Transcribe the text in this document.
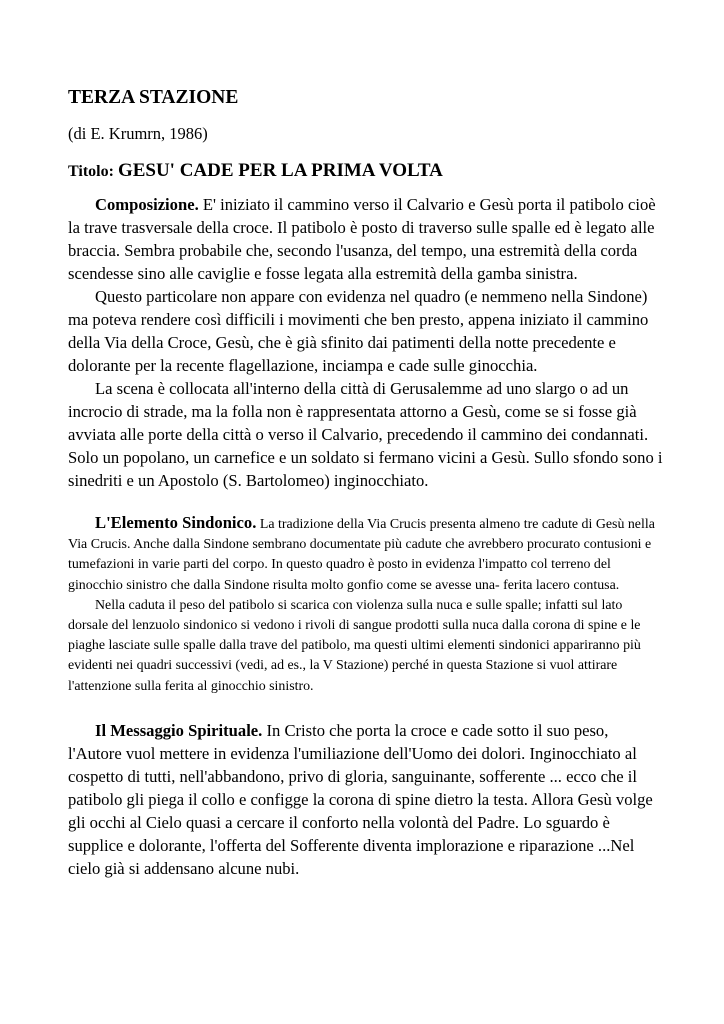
TERZA STAZIONE

(di E. Krumrn, 1986)

Titolo: GESU' CADE PER LA PRIMA VOLTA

Composizione. E' iniziato il cammino verso il Calvario e Gesù porta il patibolo cioè la trave trasversale della croce. Il patibolo è posto di traverso sulle spalle ed è legato alle braccia. Sembra probabile che, secondo l'usanza, del tempo, una estremità della corda scendesse sino alle caviglie e fosse legata alla estremità della gamba sinistra.

Questo particolare non appare con evidenza nel quadro (e nemmeno nella Sindone) ma poteva rendere così difficili i movimenti che ben presto, appena iniziato il cammino della Via della Croce, Gesù, che è già sfinito dai patimenti della notte precedente e dolorante per la recente flagellazione, inciampa e cade sulle ginocchia.

La scena è collocata all'interno della città di Gerusalemme ad uno slargo o ad un incrocio di strade, ma la folla non è rappresentata attorno a Gesù, come se si fosse già avviata alle porte della città o verso il Calvario, precedendo il cammino dei condannati. Solo un popolano, un carnefice e un soldato si fermano vicini a Gesù. Sullo sfondo sono i sinedriti e un Apostolo (S. Bartolomeo) inginocchiato.

L'Elemento Sindonico. La tradizione della Via Crucis presenta almeno tre cadute di Gesù nella Via Crucis. Anche dalla Sindone sembrano documentate più cadute che avrebbero procurato contusioni e tumefazioni in varie parti del corpo. In questo quadro è posto in evidenza l'impatto col terreno del ginocchio sinistro che dalla Sindone risulta molto gonfio come se avesse una- ferita lacero contusa.

Nella caduta il peso del patibolo si scarica con violenza sulla nuca e sulle spalle; infatti sul lato dorsale del lenzuolo sindonico si vedono i rivoli di sangue prodotti sulla nuca dalla corona di spine e le piaghe lasciate sulle spalle dalla trave del patibolo, ma questi ultimi elementi sindonici appariranno più evidenti nei quadri successivi (vedi, ad es., la V Stazione) perché in questa Stazione si vuol attirare l'attenzione sulla ferita al ginocchio sinistro.

Il Messaggio Spirituale. In Cristo che porta la croce e cade sotto il suo peso, l'Autore vuol mettere in evidenza l'umiliazione dell'Uomo dei dolori. Inginocchiato al cospetto di tutti, nell'abbandono, privo di gloria, sanguinante, sofferente ... ecco che il patibolo gli piega il collo e configge la corona di spine dietro la testa. Allora Gesù volge gli occhi al Cielo quasi a cercare il conforto nella volontà del Padre. Lo sguardo è supplice e dolorante, l'offerta del Sofferente diventa implorazione e riparazione ...Nel cielo già si addensano alcune nubi.
